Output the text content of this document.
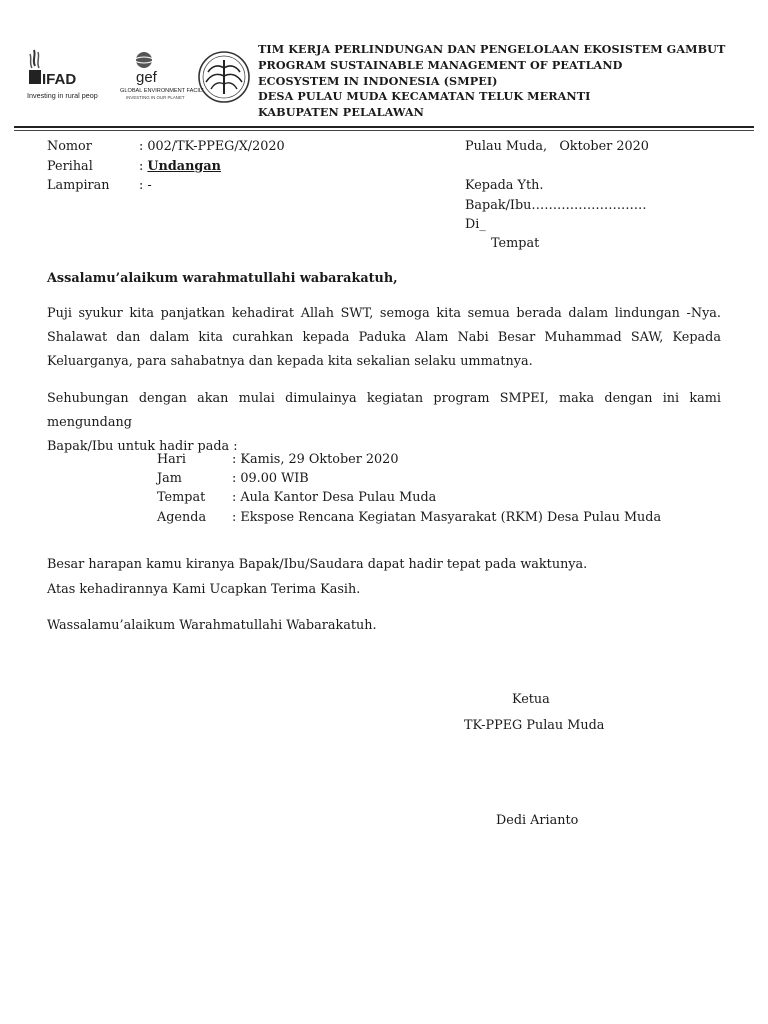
IFAD
Investing in rural people
gef
GLOBAL ENVIRONMENT FACILITY
INVESTING IN OUR PLANET
TIM KERJA PERLINDUNGAN DAN PENGELOLAAN EKOSISTEM GAMBUT
PROGRAM SUSTAINABLE MANAGEMENT OF PEATLAND
ECOSYSTEM IN INDONESIA (SMPEI)
DESA PULAU MUDA KECAMATAN TELUK MERANTI
KABUPATEN PELALAWAN
Nomor	: 002/TK-PPEG/X/2020
Perihal	: Undangan
Lampiran : -
Pulau Muda,   Oktober 2020
Kepada Yth.
Bapak/Ibu………………………
Di_
Tempat
Assalamu’alaikum warahmatullahi wabarakatuh,
Puji syukur kita panjatkan kehadirat Allah SWT, semoga kita semua berada dalam lindungan -Nya.
Shalawat dan dalam kita curahkan kepada Paduka Alam Nabi Besar Muhammad SAW, Kepada
Keluarganya, para sahabatnya dan kepada kita sekalian selaku ummatnya.
Sehubungan dengan akan mulai dimulainya kegiatan program SMPEI, maka dengan ini kami mengundang
Bapak/Ibu untuk hadir pada :
Hari	: Kamis, 29 Oktober 2020
Jam	: 09.00 WIB
Tempat : Aula Kantor Desa Pulau Muda
Agenda : Ekspose Rencana Kegiatan Masyarakat (RKM) Desa Pulau Muda
Besar harapan kamu kiranya Bapak/Ibu/Saudara dapat hadir tepat pada waktunya.
Atas kehadirannya Kami Ucapkan Terima Kasih.
Wassalamu’alaikum Warahmatullahi Wabarakatuh.
Ketua
TK-PPEG Pulau Muda
Dedi Arianto
